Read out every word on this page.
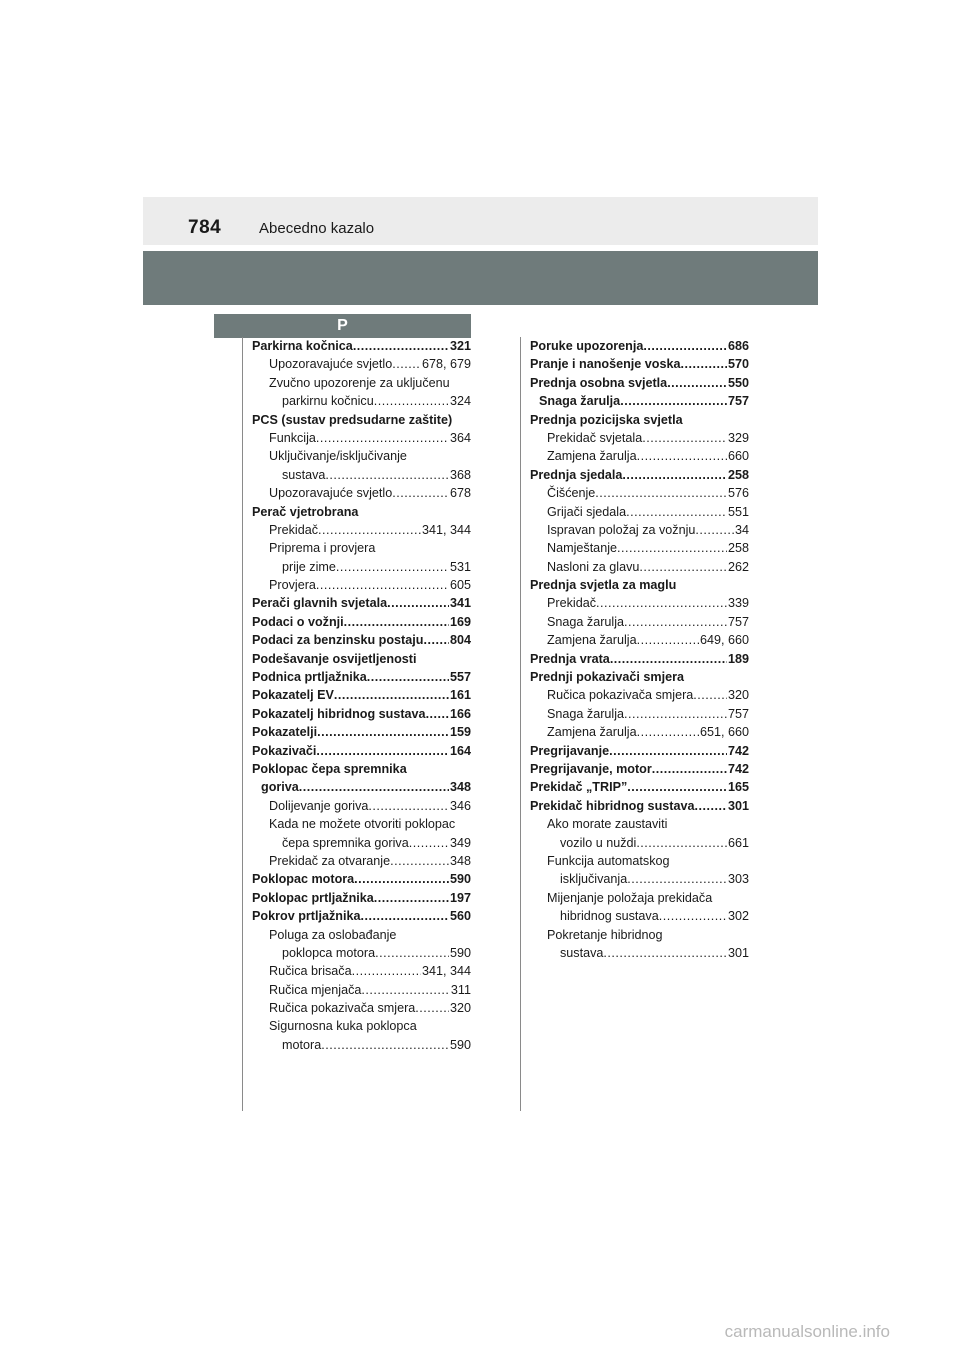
784	Abecedno kazalo
P
Parkirna kočnica .....	321
Upozoravajuće svjetlo ..... 678, 679
Zvučno upozorenje za uključenu
parkirnu kočnicu .....	324
PCS (sustav predsudarne zaštite)
Funkcija .....	364
Uključivanje/isključivanje
sustava .....	368
Upozoravajuće svjetlo .....	678
Perač vjetrobrana
Prekidač .....	341, 344
Priprema i provjera
prije zime .....	531
Provjera .....	605
Perači glavnih svjetala .....	341
Podaci o vožnji .....	169
Podaci za benzinsku postaju ..... 804
Podešavanje osvijetljenosti
Podnica prtljažnika .....	557
Pokazatelj EV .....	161
Pokazatelj hibridnog sustava ..... 166
Pokazatelji .....	159
Pokazivači .....	164
Poklopac čepa spremnika
goriva .....	348
Dolijevanje goriva .....	346
Kada ne možete otvoriti poklopac
čepa spremnika goriva .....	349
Prekidač za otvaranje .....	348
Poklopac motora .....	590
Poklopac prtljažnika .....	197
Pokrov prtljažnika .....	560
Poluga za oslobađanje
poklopca motora .....	590
Ručica brisača .....	341, 344
Ručica mjenjača .....	311
Ručica pokazivača smjera .....	320
Sigurnosna kuka poklopca
motora .....	590
Poruke upozorenja .....	686
Pranje i nanošenje voska .....	570
Prednja osobna svjetla .....	550
Snaga žarulja .....	757
Prednja pozicijska svjetla
Prekidač svjetala .....	329
Zamjena žarulja .....	660
Prednja sjedala .....	258
Čišćenje .....	576
Grijači sjedala .....	551
Ispravan položaj za vožnju .....	34
Namještanje .....	258
Nasloni za glavu .....	262
Prednja svjetla za maglu
Prekidač .....	339
Snaga žarulja .....	757
Zamjena žarulja .....	649, 660
Prednja vrata .....	189
Prednji pokazivači smjera
Ručica pokazivača smjera .....	320
Snaga žarulja .....	757
Zamjena žarulja .....	651, 660
Pregrijavanje .....	742
Pregrijavanje, motor .....	742
Prekidač „TRIP” .....	165
Prekidač hibridnog sustava .....	301
Ako morate zaustaviti
vozilo u nuždi .....	661
Funkcija automatskog
isključivanja .....	303
Mijenjanje položaja prekidača
hibridnog sustava .....	302
Pokretanje hibridnog
sustava .....	301
carmanualsonline.info
